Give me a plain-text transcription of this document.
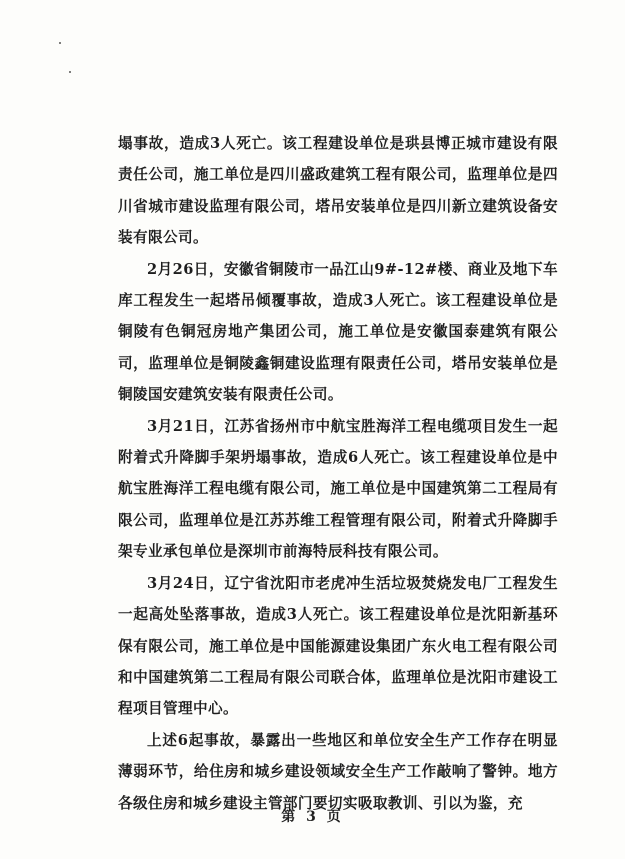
塌事故，造成3人死亡。该工程建设单位是珙县博正城市建设有限责任公司，施工单位是四川盛政建筑工程有限公司，监理单位是四川省城市建设监理有限公司，塔吊安装单位是四川新立建筑设备安装有限公司。

2月26日，安徽省铜陵市一品江山9#-12#楼、商业及地下车库工程发生一起塔吊倾覆事故，造成3人死亡。该工程建设单位是铜陵有色铜冠房地产集团公司，施工单位是安徽国泰建筑有限公司，监理单位是铜陵鑫铜建设监理有限责任公司，塔吊安装单位是铜陵国安建筑安装有限责任公司。

3月21日，江苏省扬州市中航宝胜海洋工程电缆项目发生一起附着式升降脚手架坍塌事故，造成6人死亡。该工程建设单位是中航宝胜海洋工程电缆有限公司，施工单位是中国建筑第二工程局有限公司，监理单位是江苏苏维工程管理有限公司，附着式升降脚手架专业承包单位是深圳市前海特辰科技有限公司。

3月24日，辽宁省沈阳市老虎冲生活垃圾焚烧发电厂工程发生一起高处坠落事故，造成3人死亡。该工程建设单位是沈阳新基环保有限公司，施工单位是中国能源建设集团广东火电工程有限公司和中国建筑第二工程局有限公司联合体，监理单位是沈阳市建设工程项目管理中心。

上述6起事故，暴露出一些地区和单位安全生产工作存在明显薄弱环节，给住房和城乡建设领域安全生产工作敲响了警钟。地方各级住房和城乡建设主管部门要切实吸取教训、引以为鉴，充

第 3 页
